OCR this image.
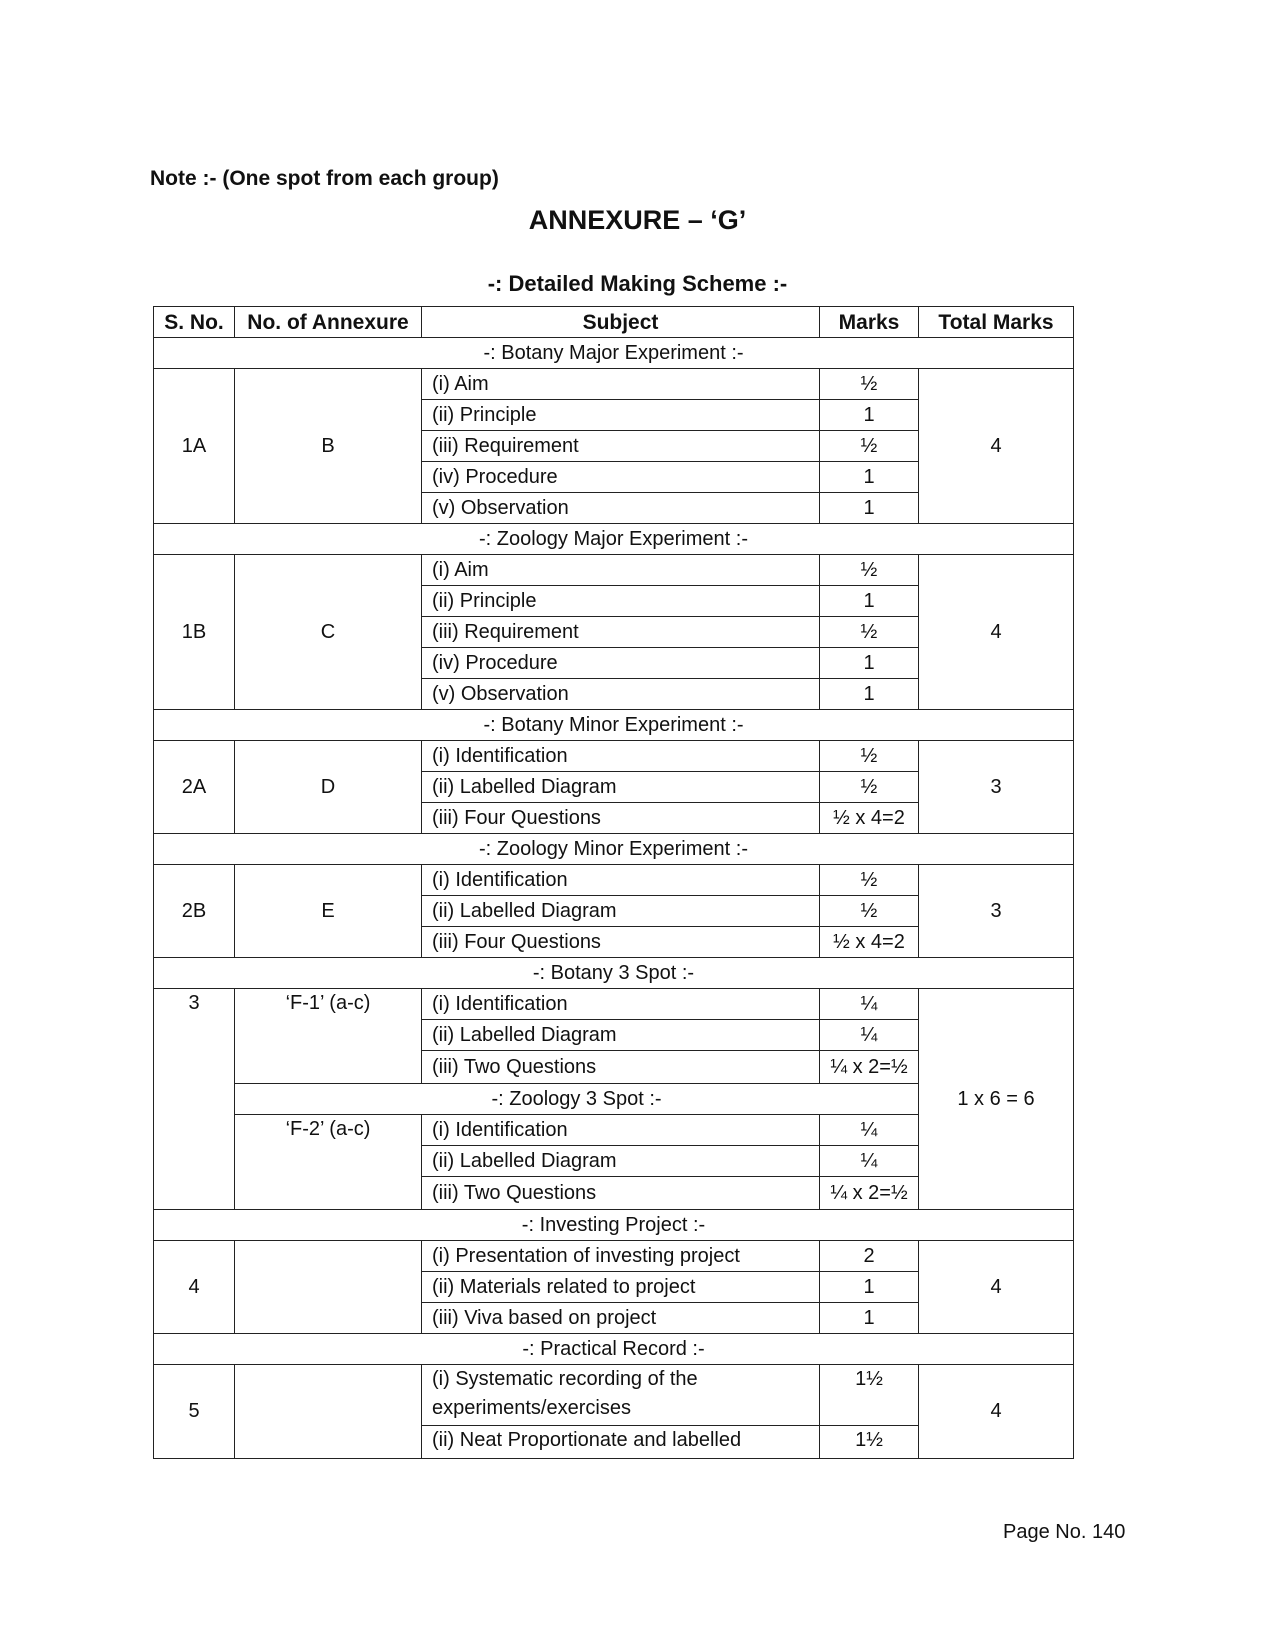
Note :- (One spot from each group)
ANNEXURE – ‘G’
-: Detailed Making Scheme :-
S. No.	No. of Annexure	Subject	Marks	Total Marks
-: Botany Major Experiment :-				
1A	B	(i) Aim	½	4
		(ii) Principle	1	
		(iii) Requirement	½	
		(iv) Procedure	1	
		(v) Observation	1	
-: Zoology Major Experiment :-				
1B	C	(i) Aim	½	4
		(ii) Principle	1	
		(iii) Requirement	½	
		(iv) Procedure	1	
		(v) Observation	1	
-: Botany Minor Experiment :-				
2A	D	(i) Identification	½	3
		(ii) Labelled Diagram	½	
		(iii) Four Questions	½ x 4=2	
-: Zoology Minor Experiment :-				
2B	E	(i) Identification	½	3
		(ii) Labelled Diagram	½	
		(iii) Four Questions	½ x 4=2	
-: Botany 3 Spot :-				
3	‘F-1’ (a-c)	(i) Identification	¼	1 x 6 = 6
		(ii) Labelled Diagram	¼	
		(iii) Two Questions	¼ x 2=½	
	-: Zoology 3 Spot :-			
	‘F-2’ (a-c)	(i) Identification	¼	
		(ii) Labelled Diagram	¼	
		(iii) Two Questions	¼ x 2=½	
-: Investing Project :-				
4		(i) Presentation of investing project	2	4
		(ii) Materials related to project	1	
		(iii) Viva based on project	1	
-: Practical Record :-				
5		(i) Systematic recording of the experiments/exercises	1½	4
		(ii) Neat Proportionate and labelled	1½	
Page No. 140
